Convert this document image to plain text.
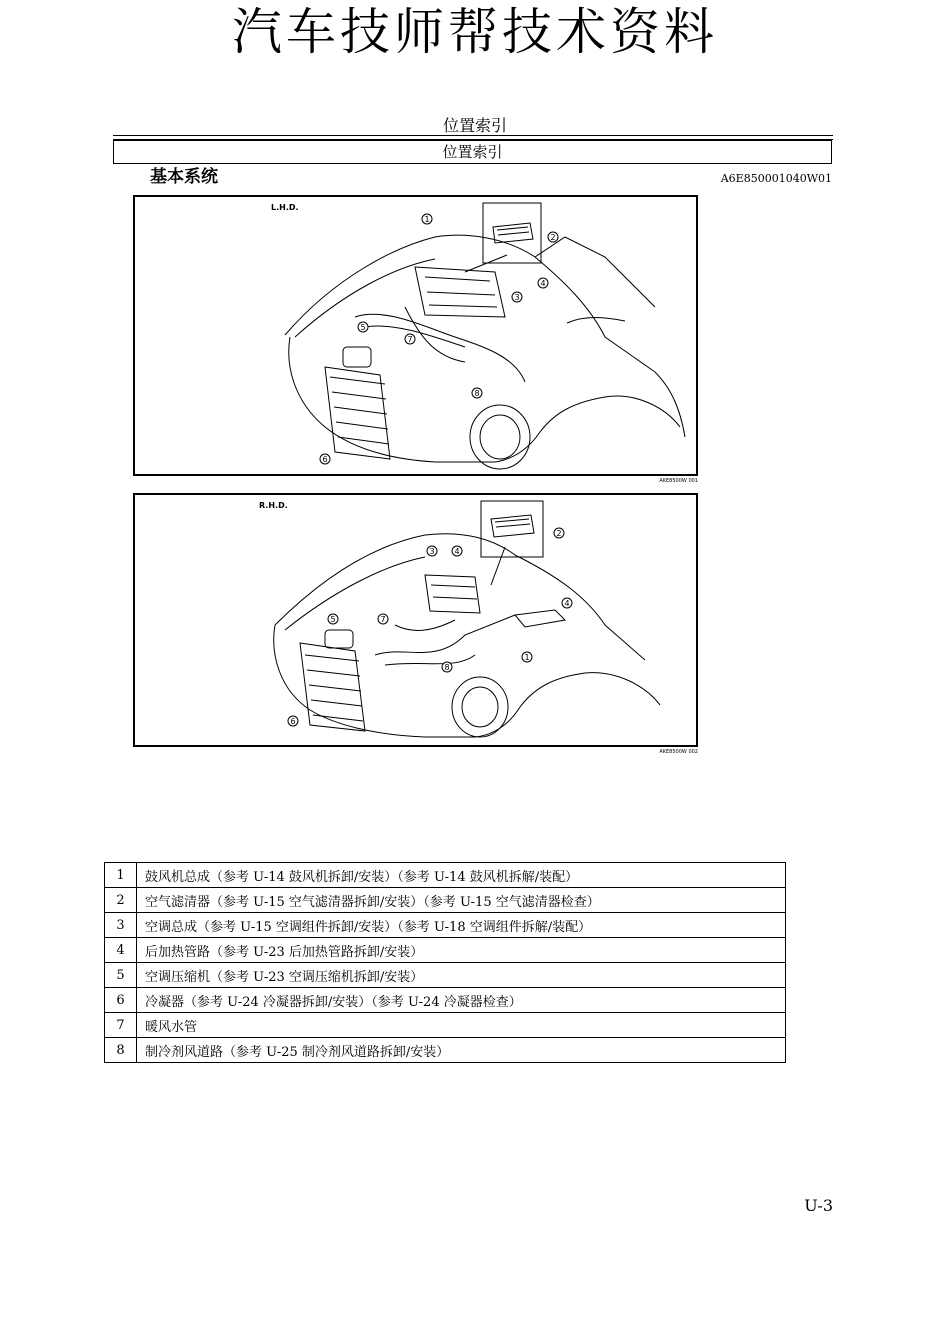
汽车技师帮技术资料
位置索引
位置索引
基本系统	A6E850001040W01
L.H.D.
1
2
3
4
5
6
7
8
AKE8500W 001
R.H.D.
1
2
3 4
4
5
6
7
8
AKE8500W 002
1	鼓风机总成（参考 U-14 鼓风机拆卸/安装）（参考 U-14 鼓风机拆解/装配）
2	空气滤清器（参考 U-15 空气滤清器拆卸/安装）（参考 U-15 空气滤清器检查）
3	空调总成（参考 U-15 空调组件拆卸/安装）（参考 U-18 空调组件拆解/装配）
4	后加热管路（参考 U-23 后加热管路拆卸/安装）
5	空调压缩机（参考 U-23 空调压缩机拆卸/安装）
6	冷凝器（参考 U-24 冷凝器拆卸/安装）（参考 U-24 冷凝器检查）
7	暖风水管
8	制冷剂风道路（参考 U-25 制冷剂风道路拆卸/安装）
U-3
